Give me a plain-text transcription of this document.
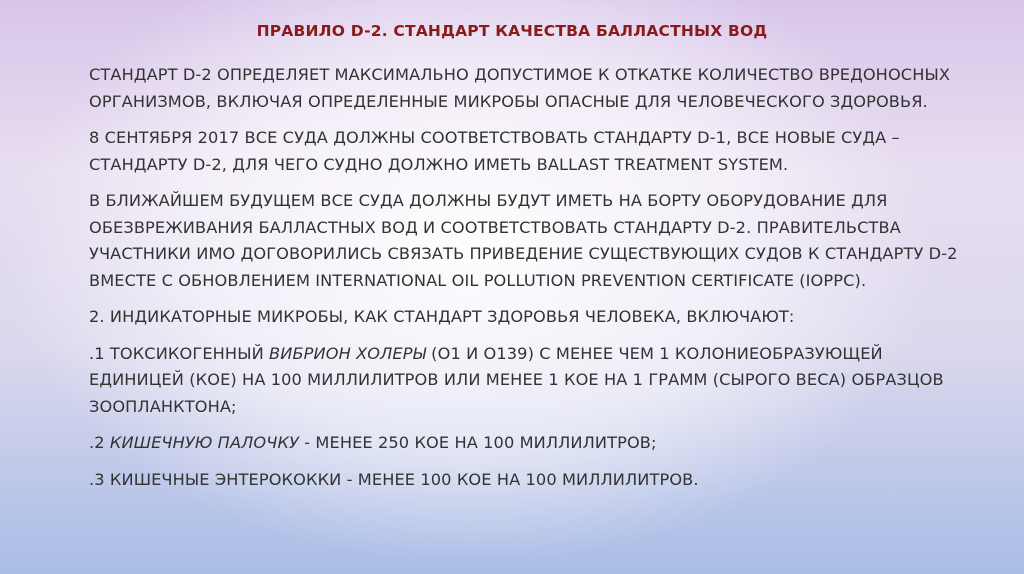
ПРАВИЛО D-2. СТАНДАРТ КАЧЕСТВА БАЛЛАСТНЫХ ВОД

СТАНДАРТ D-2 ОПРЕДЕЛЯЕТ МАКСИМАЛЬНО ДОПУСТИМОЕ К ОТКАТКЕ КОЛИЧЕСТВО ВРЕДОНОСНЫХ ОРГАНИЗМОВ, ВКЛЮЧАЯ ОПРЕДЕЛЕННЫЕ МИКРОБЫ ОПАСНЫЕ ДЛЯ ЧЕЛОВЕЧЕСКОГО ЗДОРОВЬЯ.

8 СЕНТЯБРЯ 2017 ВСЕ СУДА ДОЛЖНЫ СООТВЕТСТВОВАТЬ СТАНДАРТУ D-1, ВСЕ НОВЫЕ СУДА – СТАНДАРТУ D-2, ДЛЯ ЧЕГО СУДНО ДОЛЖНО ИМЕТЬ BALLAST TREATMENT SYSTEM.

В БЛИЖАЙШЕМ БУДУЩЕМ ВСЕ СУДА ДОЛЖНЫ БУДУТ ИМЕТЬ НА БОРТУ ОБОРУДОВАНИЕ ДЛЯ ОБЕЗВРЕЖИВАНИЯ БАЛЛАСТНЫХ ВОД И СООТВЕТСТВОВАТЬ СТАНДАРТУ D-2. ПРАВИТЕЛЬСТВА УЧАСТНИКИ ИМО ДОГОВОРИЛИСЬ СВЯЗАТЬ ПРИВЕДЕНИЕ СУЩЕСТВУЮЩИХ СУДОВ К СТАНДАРТУ D-2 ВМЕСТЕ С ОБНОВЛЕНИЕМ INTERNATIONAL OIL POLLUTION PREVENTION CERTIFICATE (IOPPC).

2. ИНДИКАТОРНЫЕ МИКРОБЫ, КАК СТАНДАРТ ЗДОРОВЬЯ ЧЕЛОВЕКА, ВКЛЮЧАЮТ:

.1 ТОКСИКОГЕННЫЙ ВИБРИОН ХОЛЕРЫ (O1 И O139) С МЕНЕЕ ЧЕМ 1 КОЛОНИЕОБРАЗУЮЩЕЙ ЕДИНИЦЕЙ (КОЕ) НА 100 МИЛЛИЛИТРОВ ИЛИ МЕНЕЕ 1 КОЕ НА 1 ГРАММ (СЫРОГО ВЕСА) ОБРАЗЦОВ ЗООПЛАНКТОНА;

.2 КИШЕЧНУЮ ПАЛОЧКУ - МЕНЕЕ 250 КОЕ НА 100 МИЛЛИЛИТРОВ;

.3 КИШЕЧНЫЕ ЭНТЕРОКОККИ - МЕНЕЕ 100 КОЕ НА 100 МИЛЛИЛИТРОВ.
